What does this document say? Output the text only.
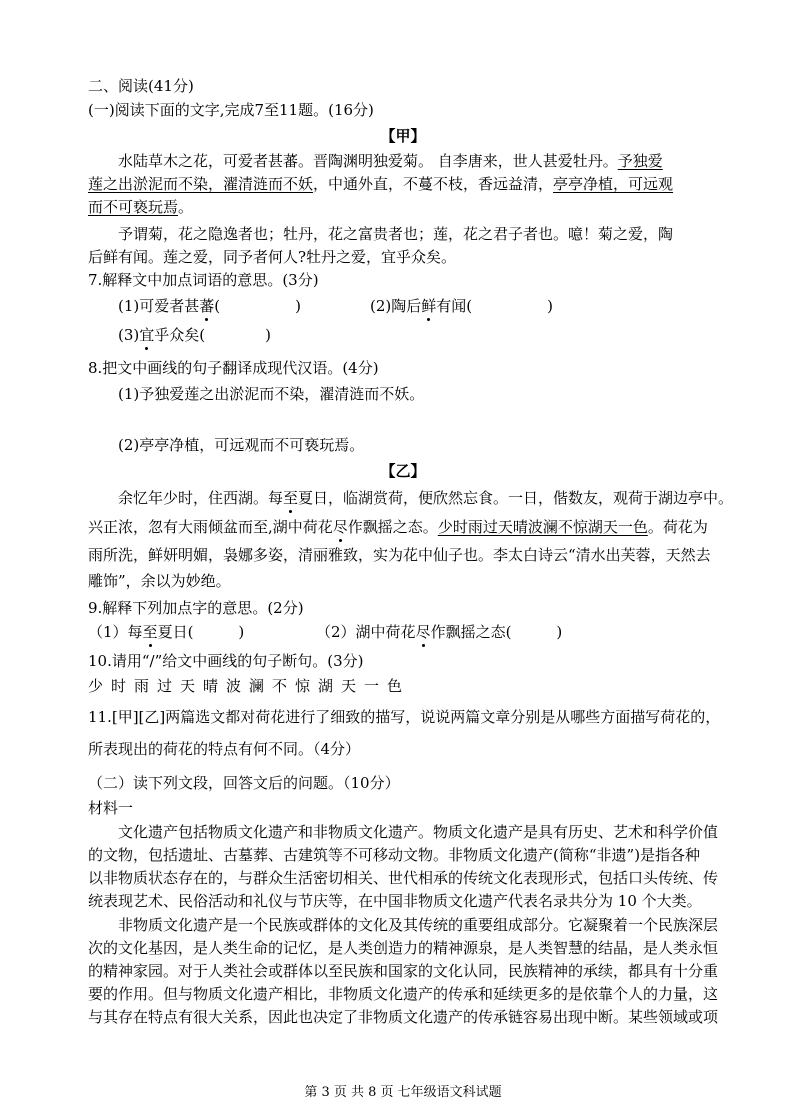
二、阅读(41分)
(一)阅读下面的文字,完成7至11题。(16分)
【甲】
水陆草木之花，可爱者甚蕃。晋陶渊明独爱菊。 自李唐来，世人甚爱牡丹。予独爱
莲之出淤泥而不染，濯清涟而不妖，中通外直，不蔓不枝，香远益清，亭亭净植，可远观
而不可亵玩焉。
予谓菊，花之隐逸者也；牡丹，花之富贵者也；莲，花之君子者也。噫！菊之爱，陶
后鲜有闻。莲之爱，同予者何人?牡丹之爱，宜乎众矣。
7.解释文中加点词语的意思。(3分)
(1)可爱者甚蕃(　　　　　)	(2)陶后鲜有闻(　　　　　)
(3)宜乎众矣(　　　　)
8.把文中画线的句子翻译成现代汉语。(4分)
(1)予独爱莲之出淤泥而不染，濯清涟而不妖。
(2)亭亭净植，可远观而不可亵玩焉。
【乙】
余忆年少时，住西湖。每至夏日，临湖赏荷，便欣然忘食。一日，偕数友，观荷于湖边亭中。
兴正浓，忽有大雨倾盆而至,湖中荷花尽作飘摇之态。少时雨过天晴波澜不惊湖天一色。荷花为
雨所洗，鲜妍明媚，袅娜多姿，清丽雅致，实为花中仙子也。李太白诗云“清水出芙蓉，天然去
雕饰”，余以为妙绝。
9.解释下列加点字的意思。(2分)
（1）每至夏日(　　　)	（2）湖中荷花尽作飘摇之态(　　　)
10.请用“/”给文中画线的句子断句。(3分)
少时雨过天晴波澜不惊湖天一色
11.[甲][乙]两篇选文都对荷花进行了细致的描写，说说两篇文章分别是从哪些方面描写荷花的，
所表现出的荷花的特点有何不同。（4分）
（二）读下列文段，回答文后的问题。（10分）
材料一
文化遗产包括物质文化遗产和非物质文化遗产。物质文化遗产是具有历史、艺术和科学价值
的文物，包括遗址、古墓葬、古建筑等不可移动文物。非物质文化遗产(简称“非遗”)是指各种
以非物质状态存在的，与群众生活密切相关、世代相承的传统文化表现形式，包括口头传统、传
统表现艺术、民俗活动和礼仪与节庆等，在中国非物质文化遗产代表名录共分为 10 个大类。
非物质文化遗产是一个民族或群体的文化及其传统的重要组成部分。它凝聚着一个民族深层
次的文化基因，是人类生命的记忆，是人类创造力的精神源泉，是人类智慧的结晶，是人类永恒
的精神家园。对于人类社会或群体以至民族和国家的文化认同，民族精神的承续，都具有十分重
要的作用。但与物质文化遗产相比，非物质文化遗产的传承和延续更多的是依靠个人的力量，这
与其存在特点有很大关系，因此也决定了非物质文化遗产的传承链容易出现中断。某些领域或项
第 3 页 共 8 页 七年级语文科试题
